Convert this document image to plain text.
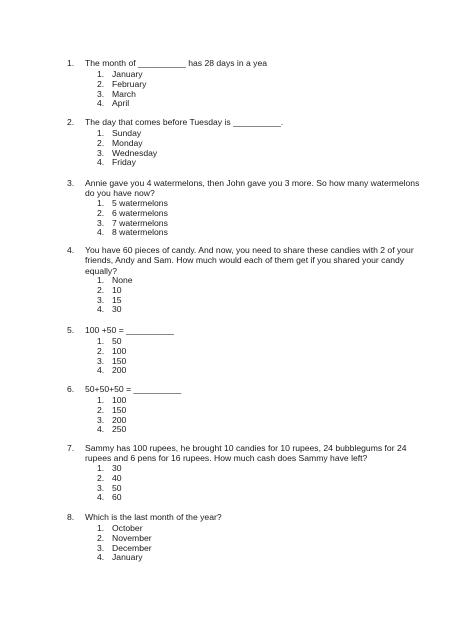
1.	The month of __________ has 28 days in a yea
1. January
2. February
3. March
4. April
2.	The day that comes before Tuesday is __________.
1. Sunday
2. Monday
3. Wednesday
4. Friday
3.	Annie gave you 4 watermelons, then John gave you 3 more. So how many watermelons do you have now?
1. 5 watermelons
2. 6 watermelons
3. 7 watermelons
4. 8 watermelons
4.	You have 60 pieces of candy. And now, you need to share these candies with 2 of your friends, Andy and Sam. How much would each of them get if you shared your candy equally?
1. None
2. 10
3. 15
4. 30
5.	100 +50 = __________
1. 50
2. 100
3. 150
4. 200
6.	50+50+50 = __________
1. 100
2. 150
3. 200
4. 250
7.	Sammy has 100 rupees, he brought 10 candies for 10 rupees, 24 bubblegums for 24 rupees and 6 pens for 16 rupees. How much cash does Sammy have left?
1. 30
2. 40
3. 50
4. 60
8.	Which is the last month of the year?
1. October
2. November
3. December
4. January
